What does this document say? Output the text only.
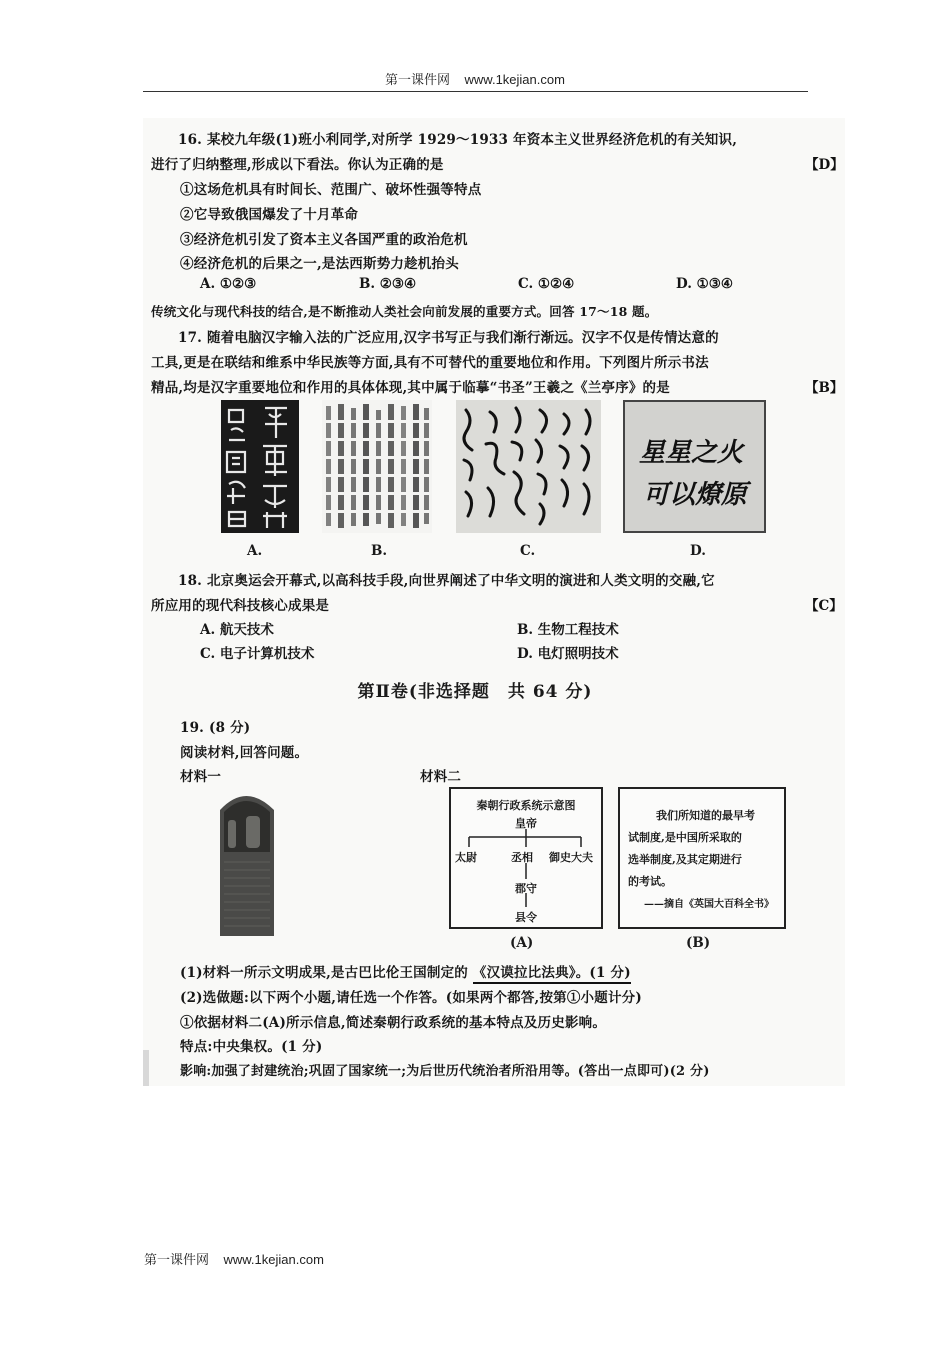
第一课件网 www.1kejian.com
16. 某校九年级(1)班小利同学,对所学 1929～1933 年资本主义世界经济危机的有关知识,
进行了归纳整理,形成以下看法。你认为正确的是	【D】
①这场危机具有时间长、范围广、破坏性强等特点
②它导致俄国爆发了十月革命
③经济危机引发了资本主义各国严重的政治危机
④经济危机的后果之一,是法西斯势力趁机抬头
A. ①②③	B. ②③④	C. ①②④	D. ①③④
传统文化与现代科技的结合,是不断推动人类社会向前发展的重要方式。回答 17～18 题。
17. 随着电脑汉字输入法的广泛应用,汉字书写正与我们渐行渐远。汉字不仅是传情达意的
工具,更是在联结和维系中华民族等方面,具有不可替代的重要地位和作用。下列图片所示书法
精品,均是汉字重要地位和作用的具体体现,其中属于临摹“书圣”王羲之《兰亭序》的是	【B】
A.	B.	C.
星星之火
可以燎原
D.
18. 北京奥运会开幕式,以高科技手段,向世界阐述了中华文明的演进和人类文明的交融,它
所应用的现代科技核心成果是	【C】
A. 航天技术	B. 生物工程技术
C. 电子计算机技术	D. 电灯照明技术
第Ⅱ卷(非选择题　共 64 分)
19. (8 分)
阅读材料,回答问题。
材料一	材料二
秦朝行政系统示意图
皇帝
太尉	丞相 御史大夫
郡守
县令
(A)
我们所知道的最早考
试制度,是中国所采取的
选举制度,及其定期进行
的考试。
——摘自《英国大百科全书》
(B)
(1)材料一所示文明成果,是古巴比伦王国制定的 《汉谟拉比法典》。(1 分)
(2)选做题:以下两个小题,请任选一个作答。(如果两个都答,按第①小题计分)
①依据材料二(A)所示信息,简述秦朝行政系统的基本特点及历史影响。
特点:中央集权。(1 分)
影响:加强了封建统治;巩固了国家统一;为后世历代统治者所沿用等。(答出一点即可)(2 分)
第一课件网 www.1kejian.com
